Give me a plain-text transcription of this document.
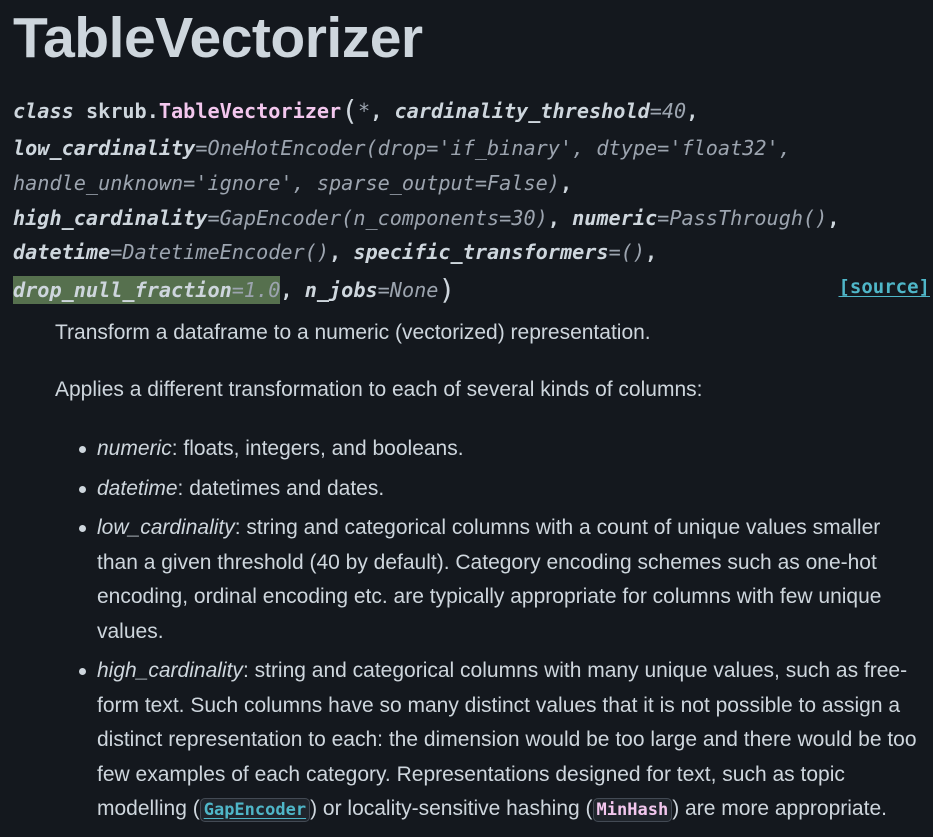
TableVectorizer
class skrub.TableVectorizer(*, cardinality_threshold=40,
low_cardinality=OneHotEncoder(drop='if_binary', dtype='float32',
handle_unknown='ignore', sparse_output=False),
high_cardinality=GapEncoder(n_components=30), numeric=PassThrough(),
datetime=DatetimeEncoder(), specific_transformers=(),
drop_null_fraction=1.0, n_jobs=None)	[source]

Transform a dataframe to a numeric (vectorized) representation.

Applies a different transformation to each of several kinds of columns:

numeric: floats, integers, and booleans.
datetime: datetimes and dates.
low_cardinality: string and categorical columns with a count of unique values smaller than a given threshold (40 by default). Category encoding schemes such as one-hot encoding, ordinal encoding etc. are typically appropriate for columns with few unique values.
high_cardinality: string and categorical columns with many unique values, such as free-form text. Such columns have so many distinct values that it is not possible to assign a distinct representation to each: the dimension would be too large and there would be too few examples of each category. Representations designed for text, such as topic modelling ( GapEncoder ) or locality-sensitive hashing ( MinHash ) are more appropriate.
